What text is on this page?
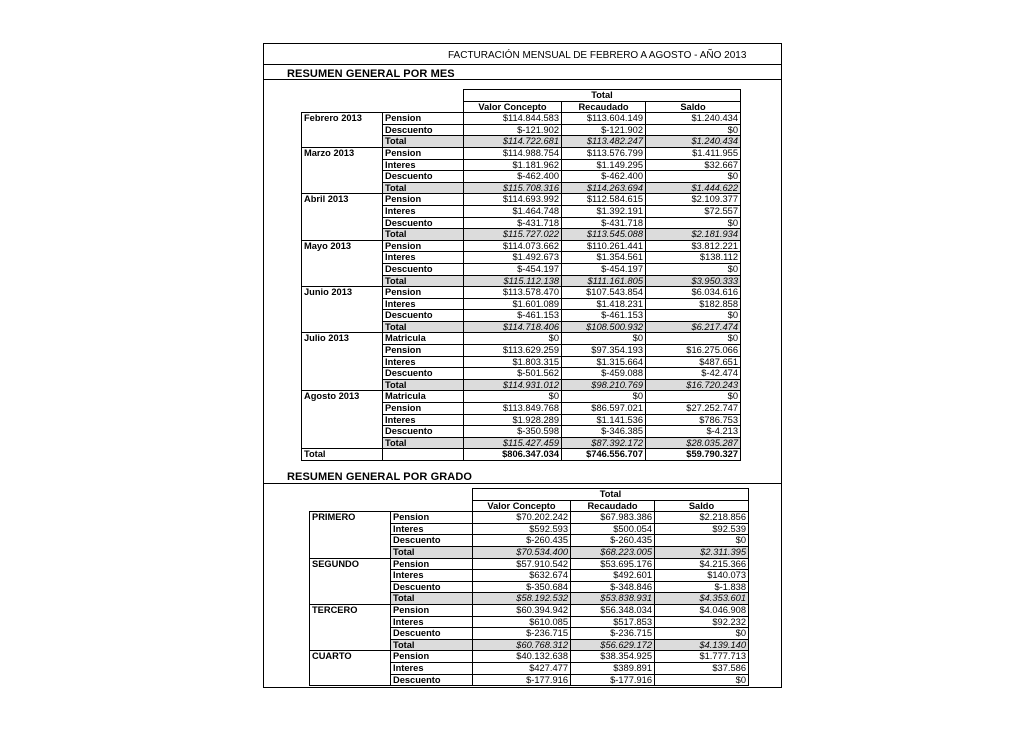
FACTURACIÓN MENSUAL DE FEBRERO A AGOSTO - AÑO 2013
RESUMEN GENERAL POR MES
		Total		
		Valor Concepto	Recaudado	Saldo
Febrero 2013	Pension	$114.844.583	$113.604.149	$1.240.434
	Descuento	$-121.902	$-121.902	$0
	Total	$114.722.681	$113.482.247	$1.240.434
Marzo 2013	Pension	$114.988.754	$113.576.799	$1.411.955
	Interes	$1.181.962	$1.149.295	$32.667
	Descuento	$-462.400	$-462.400	$0
	Total	$115.708.316	$114.263.694	$1.444.622
Abril 2013	Pension	$114.693.992	$112.584.615	$2.109.377
	Interes	$1.464.748	$1.392.191	$72.557
	Descuento	$-431.718	$-431.718	$0
	Total	$115.727.022	$113.545.088	$2.181.934
Mayo 2013	Pension	$114.073.662	$110.261.441	$3.812.221
	Interes	$1.492.673	$1.354.561	$138.112
	Descuento	$-454.197	$-454.197	$0
	Total	$115.112.138	$111.161.805	$3.950.333
Junio 2013	Pension	$113.578.470	$107.543.854	$6.034.616
	Interes	$1.601.089	$1.418.231	$182.858
	Descuento	$-461.153	$-461.153	$0
	Total	$114.718.406	$108.500.932	$6.217.474
Julio 2013	Matricula	$0	$0	$0
	Pension	$113.629.259	$97.354.193	$16.275.066
	Interes	$1.803.315	$1.315.664	$487.651
	Descuento	$-501.562	$-459.088	$-42.474
	Total	$114.931.012	$98.210.769	$16.720.243
Agosto 2013	Matricula	$0	$0	$0
	Pension	$113.849.768	$86.597.021	$27.252.747
	Interes	$1.928.289	$1.141.536	$786.753
	Descuento	$-350.598	$-346.385	$-4.213
	Total	$115.427.459	$87.392.172	$28.035.287
Total		$806.347.034	$746.556.707	$59.790.327
RESUMEN GENERAL POR GRADO
		Total		
		Valor Concepto	Recaudado	Saldo
PRIMERO	Pension	$70.202.242	$67.983.386	$2.218.856
	Interes	$592.593	$500.054	$92.539
	Descuento	$-260.435	$-260.435	$0
	Total	$70.534.400	$68.223.005	$2.311.395
SEGUNDO	Pension	$57.910.542	$53.695.176	$4.215.366
	Interes	$632.674	$492.601	$140.073
	Descuento	$-350.684	$-348.846	$-1.838
	Total	$58.192.532	$53.838.931	$4.353.601
TERCERO	Pension	$60.394.942	$56.348.034	$4.046.908
	Interes	$610.085	$517.853	$92.232
	Descuento	$-236.715	$-236.715	$0
	Total	$60.768.312	$56.629.172	$4.139.140
CUARTO	Pension	$40.132.638	$38.354.925	$1.777.713
	Interes	$427.477	$389.891	$37.586
	Descuento	$-177.916	$-177.916	$0
